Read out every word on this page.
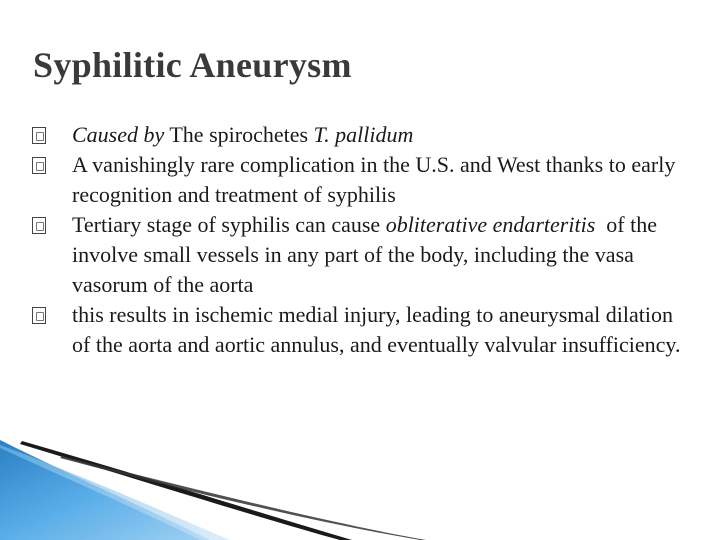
Syphilitic Aneurysm
Caused by The spirochetes T. pallidum
A vanishingly rare complication in the U.S. and West thanks to early recognition and treatment of syphilis
Tertiary stage of syphilis can cause obliterative endarteritis  of the involve small vessels in any part of the body, including the vasa vasorum of the aorta
this results in ischemic medial injury, leading to aneurysmal dilation of the aorta and aortic annulus, and eventually valvular insufficiency.
